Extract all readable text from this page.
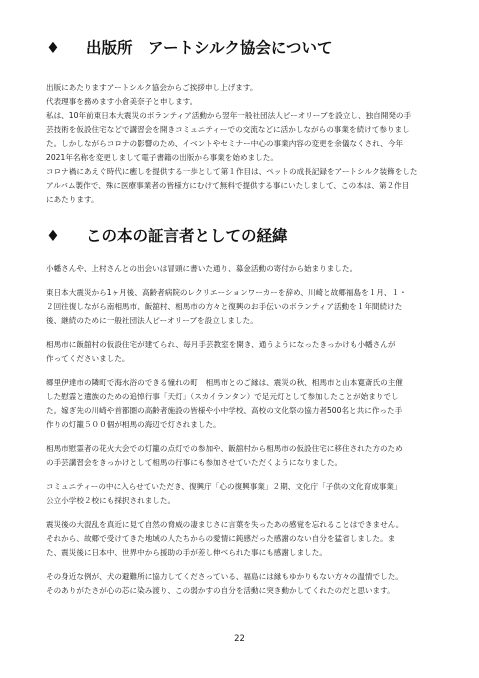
♦ 出版所　アートシルク協会について
出版にあたりますアートシルク協会からご挨拶申し上げます。
代表理事を務めます小倉美奈子と申します。
私は、10年前東日本大震災のボランティア活動から翌年一般社団法人ピーオリーブを設立し、独自開発の手
芸技術を仮設住宅などで講習会を開きコミュニティーでの交流などに活かしながらの事業を続けて参りまし
た。しかしながらコロナの影響のため、イベントやセミナー中心の事業内容の変更を余儀なくされ、今年
2021年名称を変更しまして電子書籍の出版から事業を始めました。
コロナ禍にあえぐ時代に癒しを提供する一歩として第１作目は、ペットの成長記録をアートシルク装飾をした
アルバム製作で、殊に医療事業者の皆様方にむけて無料で提供する事にいたしまして、この本は、第２作目
にあたります。
♦ この本の証言者としての経緯
小幡さんや、上村さんとの出会いは冒頭に書いた通り、募金活動の寄付から始まりました。
東日本大震災から1ヶ月後、高齢者病院のレクリエーションワーカーを辞め、川崎と故郷福島を１月、１・
２回往復しながら南相馬市、飯舘村、相馬市の方々と復興のお手伝いのボランティア活動を１年間続けた
後、継続のために一般社団法人ピーオリーブを設立しました。
相馬市に飯舘村の仮設住宅が建てられ、毎月手芸教室を開き、通うようになったきっかけも小幡さんが
作ってくださいました。
郷里伊達市の隣町で海水浴のできる憧れの町　相馬市とのご縁は、震災の秋、相馬市と山本寛斎氏の主催
した慰霊と遺族のための追悼行事「天灯」（スカイランタン）で足元灯として参加したことが始まりでし
た。嫁ぎ先の川崎や首都圏の高齢者施設の皆様や小中学校、高校の文化祭の協力者500名と共に作った手
作りの灯籠５００個が相馬の海辺で灯されました。
相馬市慰霊者の花火大会での灯籠の点灯での参加や、飯舘村から相馬市の仮設住宅に移住された方のため
の手芸講習会をきっかけとして相馬の行事にも参加させていただくようになりました。
コミュニティーの中に入らせていただき、復興庁「心の復興事業」２期、文化庁「子供の文化育成事業」
公立小学校２校にも採択されました。
震災後の大混乱を真近に見て自然の脅威の凄まじさに言葉を失ったあの感覚を忘れることはできません。
それから、故郷で受けてきた地域の人たちからの愛情に鈍感だった感謝のない自分を猛省しました。ま
た、震災後に日本中、世界中から援助の手が差し伸べられた事にも感謝しました。
その身近な例が、犬の避難所に協力してくださっている、福島には縁もゆかりもない方々の温情でした。
そのありがたさが心の芯に染み渡り、この弱かすの自分を活動に突き動かしてくれたのだと思います。
22
